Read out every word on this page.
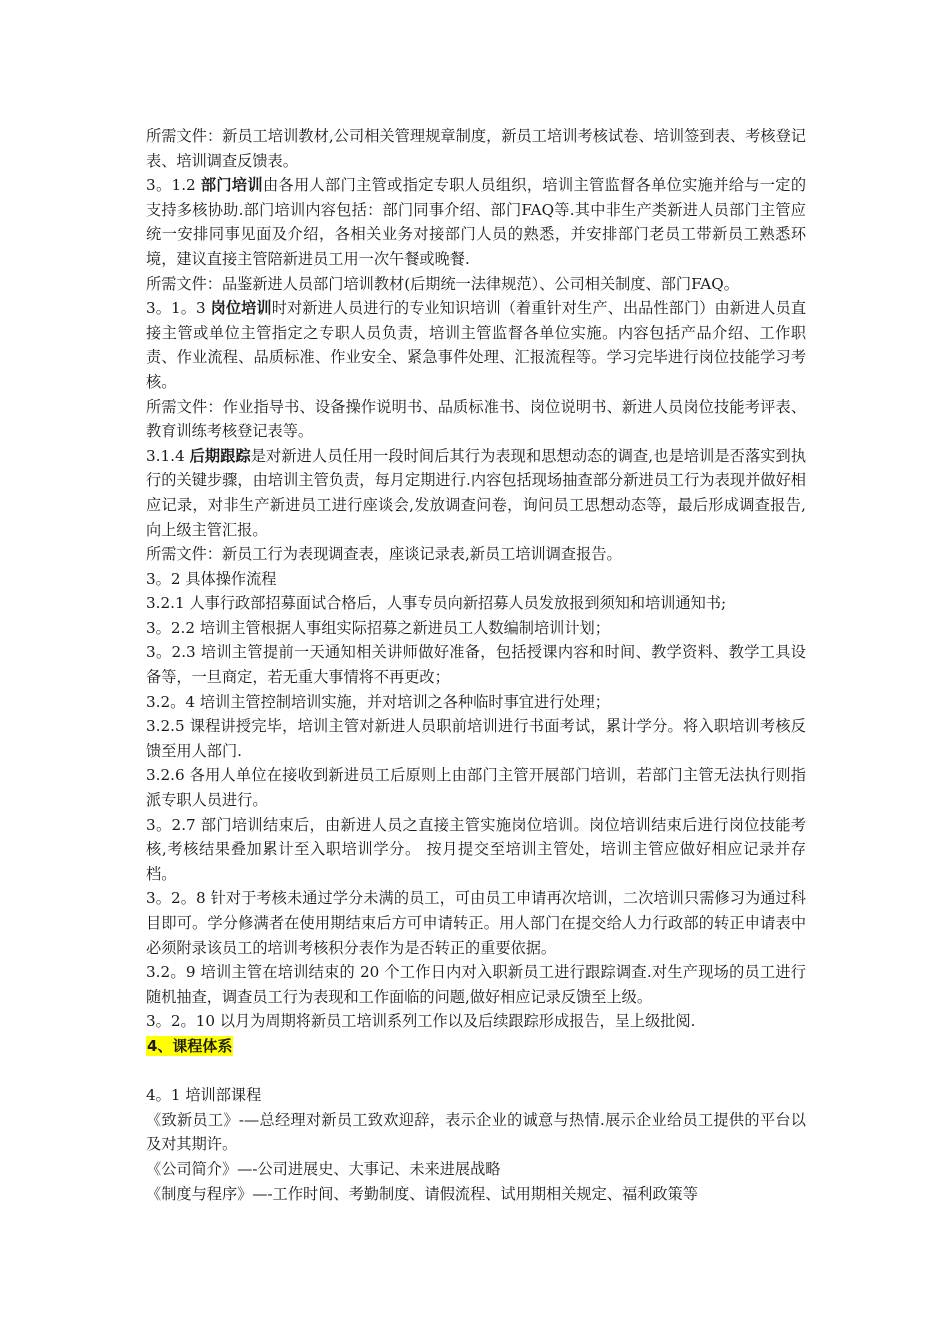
所需文件：新员工培训教材,公司相关管理规章制度，新员工培训考核试卷、培训签到表、考核登记表、培训调查反馈表。

3。1.2 部门培训由各用人部门主管或指定专职人员组织，培训主管监督各单位实施并给与一定的支持多核协助.部门培训内容包括：部门同事介绍、部门FAQ等.其中非生产类新进人员部门主管应统一安排同事见面及介绍，各相关业务对接部门人员的熟悉，并安排部门老员工带新员工熟悉环境，建议直接主管陪新进员工用一次午餐或晚餐.

所需文件：品鉴新进人员部门培训教材(后期统一法律规范）、公司相关制度、部门FAQ。

3。1。3 岗位培训时对新进人员进行的专业知识培训（着重针对生产、出品性部门）由新进人员直接主管或单位主管指定之专职人员负责，培训主管监督各单位实施。内容包括产品介绍、工作职责、作业流程、品质标准、作业安全、紧急事件处理、汇报流程等。学习完毕进行岗位技能学习考核。

所需文件：作业指导书、设备操作说明书、品质标准书、岗位说明书、新进人员岗位技能考评表、教育训练考核登记表等。

3.1.4 后期跟踪是对新进人员任用一段时间后其行为表现和思想动态的调查,也是培训是否落实到执行的关键步骤，由培训主管负责，每月定期进行.内容包括现场抽查部分新进员工行为表现并做好相应记录，对非生产新进员工进行座谈会,发放调查问卷，询问员工思想动态等，最后形成调查报告,向上级主管汇报。

所需文件：新员工行为表现调查表，座谈记录表,新员工培训调查报告。

3。2 具体操作流程

3.2.1 人事行政部招募面试合格后，人事专员向新招募人员发放报到须知和培训通知书;

3。2.2 培训主管根据人事组实际招募之新进员工人数编制培训计划；

3。2.3 培训主管提前一天通知相关讲师做好准备，包括授课内容和时间、教学资料、教学工具设备等，一旦商定，若无重大事情将不再更改；

3.2。4 培训主管控制培训实施，并对培训之各种临时事宜进行处理；

3.2.5 课程讲授完毕，培训主管对新进人员职前培训进行书面考试，累计学分。将入职培训考核反馈至用人部门.

3.2.6 各用人单位在接收到新进员工后原则上由部门主管开展部门培训，若部门主管无法执行则指派专职人员进行。

3。2.7 部门培训结束后，由新进人员之直接主管实施岗位培训。岗位培训结束后进行岗位技能考核,考核结果叠加累计至入职培训学分。 按月提交至培训主管处，培训主管应做好相应记录并存档。

3。2。8 针对于考核未通过学分未满的员工，可由员工申请再次培训，二次培训只需修习为通过科目即可。学分修满者在使用期结束后方可申请转正。用人部门在提交给人力行政部的转正申请表中必须附录该员工的培训考核积分表作为是否转正的重要依据。

3.2。9 培训主管在培训结束的 20 个工作日内对入职新员工进行跟踪调查.对生产现场的员工进行随机抽查，调查员工行为表现和工作面临的问题,做好相应记录反馈至上级。

3。2。10 以月为周期将新员工培训系列工作以及后续跟踪形成报告，呈上级批阅.

4、课程体系

4。1 培训部课程

《致新员工》-—总经理对新员工致欢迎辞，表示企业的诚意与热情.展示企业给员工提供的平台以及对其期许。

《公司简介》—-公司进展史、大事记、未来进展战略

《制度与程序》—-工作时间、考勤制度、请假流程、试用期相关规定、福利政策等
